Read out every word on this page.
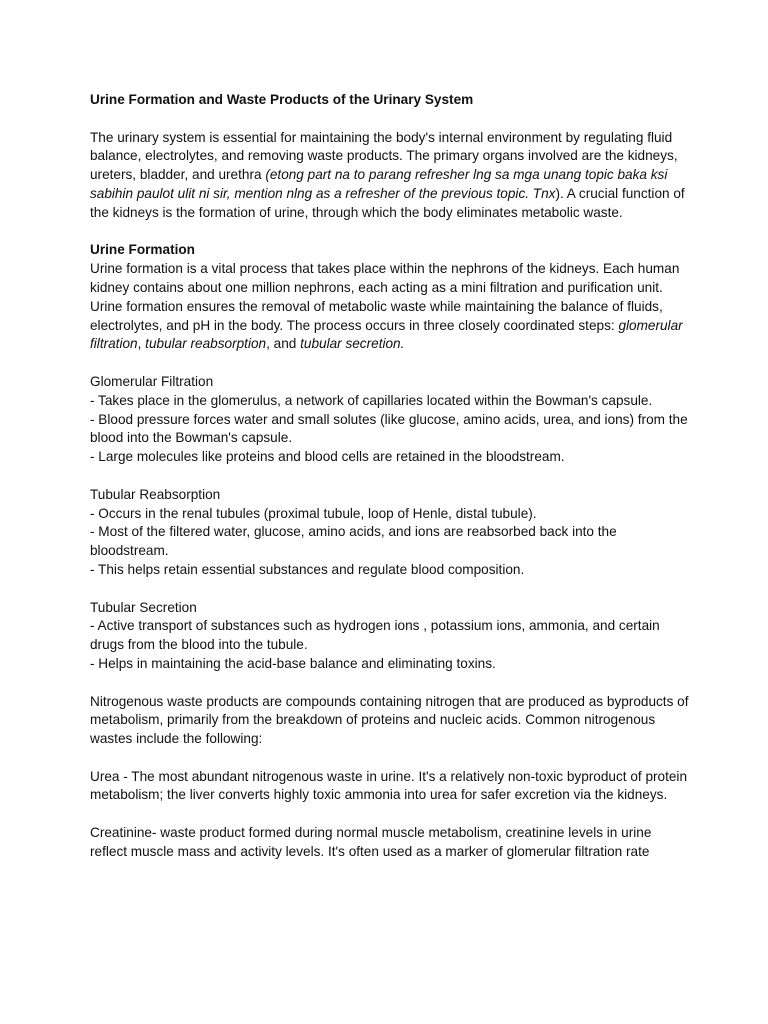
Urine Formation and Waste Products of the Urinary System

The urinary system is essential for maintaining the body's internal environment by regulating fluid balance, electrolytes, and removing waste products. The primary organs involved are the kidneys, ureters, bladder, and urethra (etong part na to parang refresher lng sa mga unang topic baka ksi sabihin paulot ulit ni sir, mention nlng as a refresher of the previous topic. Tnx). A crucial function of the kidneys is the formation of urine, through which the body eliminates metabolic waste.

Urine Formation
Urine formation is a vital process that takes place within the nephrons of the kidneys. Each human kidney contains about one million nephrons, each acting as a mini filtration and purification unit. Urine formation ensures the removal of metabolic waste while maintaining the balance of fluids, electrolytes, and pH in the body. The process occurs in three closely coordinated steps: glomerular filtration, tubular reabsorption, and tubular secretion.

Glomerular Filtration
- Takes place in the glomerulus, a network of capillaries located within the Bowman's capsule.
- Blood pressure forces water and small solutes (like glucose, amino acids, urea, and ions) from the blood into the Bowman's capsule.
- Large molecules like proteins and blood cells are retained in the bloodstream.

Tubular Reabsorption
- Occurs in the renal tubules (proximal tubule, loop of Henle, distal tubule).
- Most of the filtered water, glucose, amino acids, and ions are reabsorbed back into the bloodstream.
- This helps retain essential substances and regulate blood composition.

Tubular Secretion
- Active transport of substances such as hydrogen ions , potassium ions, ammonia, and certain drugs from the blood into the tubule.
- Helps in maintaining the acid-base balance and eliminating toxins.

Nitrogenous waste products are compounds containing nitrogen that are produced as byproducts of metabolism, primarily from the breakdown of proteins and nucleic acids. Common nitrogenous wastes include the following:

Urea - The most abundant nitrogenous waste in urine. It's a relatively non-toxic byproduct of protein metabolism; the liver converts highly toxic ammonia into urea for safer excretion via the kidneys.

Creatinine- waste product formed during normal muscle metabolism, creatinine levels in urine reflect muscle mass and activity levels. It's often used as a marker of glomerular filtration rate
